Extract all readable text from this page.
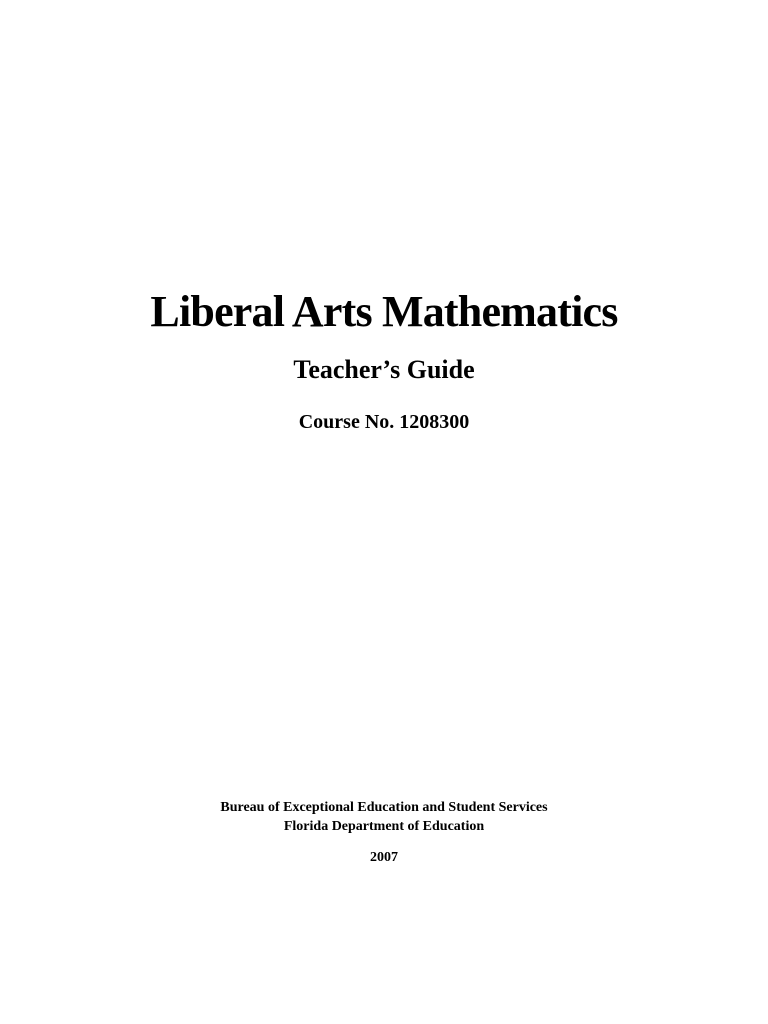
Liberal Arts Mathematics
Teacher’s Guide
Course No. 1208300
Bureau of Exceptional Education and Student Services
Florida Department of Education
2007
